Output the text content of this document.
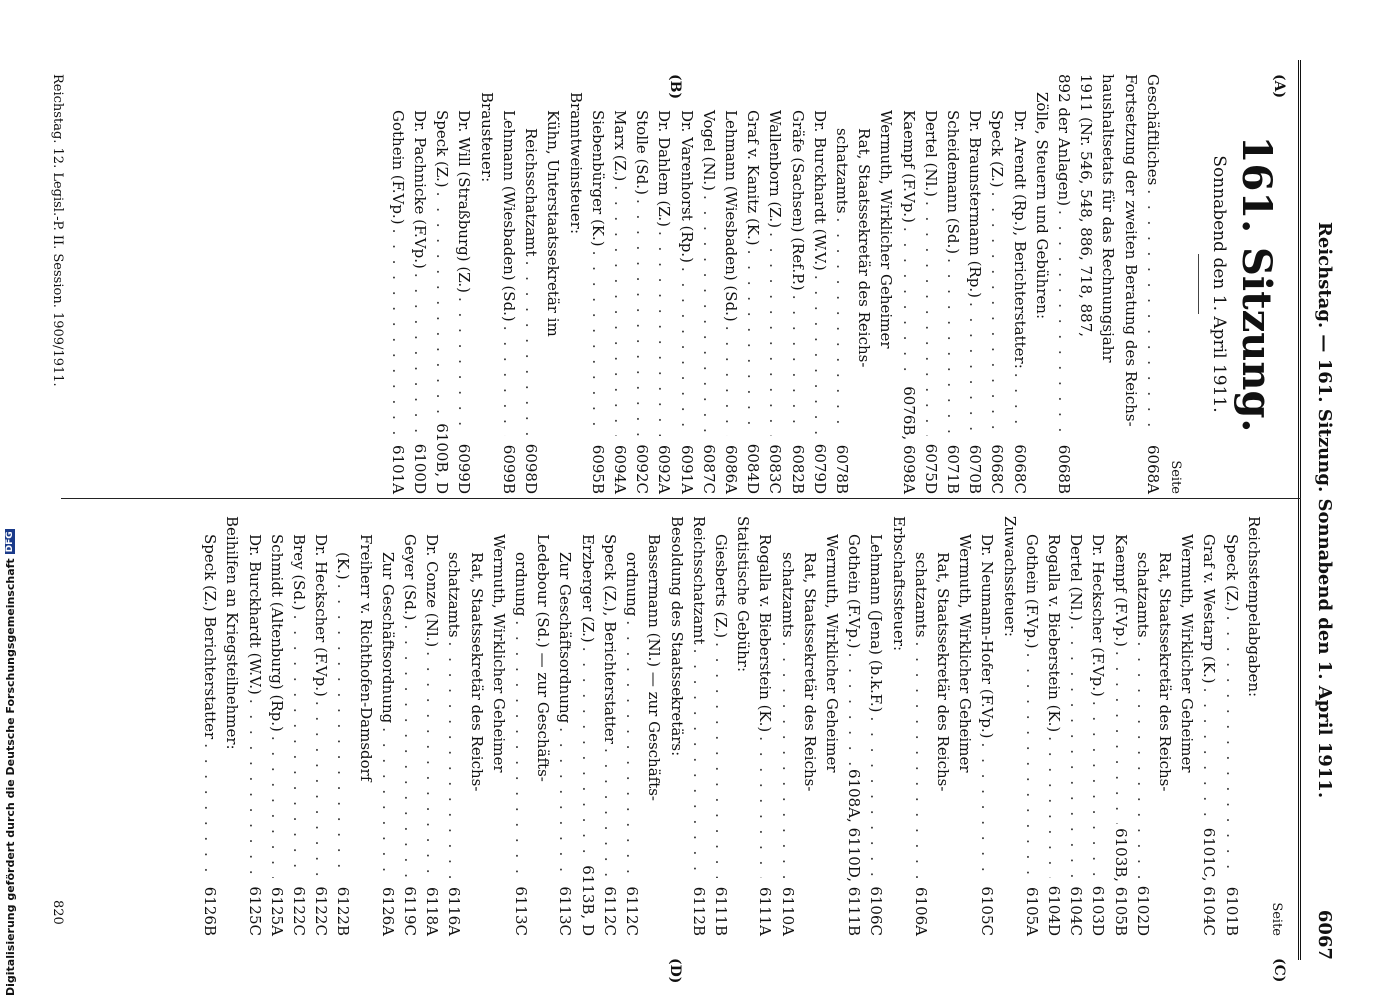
Reichstag. — 161. Sitzung. Sonnabend den 1. April 1911.
6067
(A)
(B)
(C)
(D)
161. Sitzung.
Sonnabend den 1. April 1911.
Seite
Geschäftliches
. . .
6068A
Fortsetzung der zweiten Beratung des Reichs-
haushaltsetats für das Rechnungsjahr
1911 (Nr. 546, 548, 886, 718, 887,
892 der Anlagen)
. . .
6068B
Zölle, Steuern und Gebühren:
Dr. Arendt (Rp.), Berichterstatter:
. . .
6068C
Speck (Z.)
. . .
6068C
Dr. Braunstermann (Rp.)
. . .
6070B
Scheidemann (Sd.)
. . .
6071B
Dertel (Nl.)
. . .
6075D
Kaempf (F.Vp.)
. . .
6076B, 6098A
Wermuth, Wirklicher Geheimer
Rat, Staatssekretär des Reichs-
schatzamts
. . .
6078B
Dr. Burckhardt (W.V.)
. . .
6079D
Gräfe (Sachsen) (Ref.P.)
. . .
6082B
Wallenborn (Z.)
. . .
6083C
Graf v. Kanitz (K.)
. . .
6084D
Lehmann (Wiesbaden) (Sd.)
. . .
6086A
Vogel (Nl.)
. . .
6087C
Dr. Varenhorst (Rp.)
. . .
6091A
Dr. Dahlem (Z.)
. . .
6092A
Stolle (Sd.)
. . .
6092C
Marx (Z.)
. . .
6094A
Siebenbürger (K.)
. . .
6095B
Branntweinsteuer:
Kühn, Unterstaatssekretär im
Reichsschatzamt
. . .
6098D
Lehmann (Wiesbaden) (Sd.)
. . .
6099B
Brausteuer:
Dr. Will (Straßburg) (Z.)
. . .
6099D
Speck (Z.)
. . .
6100B, D
Dr. Pachnicke (F.Vp.)
. . .
6100D
Gothein (F.Vp.)
. . .
6101A
Seite
Reichsstempelabgaben:
Speck (Z.)
. . .
6101B
Graf v. Westarp (K.)
. . .
6101C, 6104C
Wermuth, Wirklicher Geheimer
Rat, Staatssekretär des Reichs-
schatzamts
. . .
6102D
Kaempf (F.Vp.)
. . .
6103B, 6105B
Dr. Heckscher (F.Vp.)
. . .
6103D
Dertel (Nl.)
. . .
6104C
Rogalla v. Bieberstein (K.)
. . .
6104D
Gothein (F.Vp.)
. . .
6105A
Zuwachssteuer:
Dr. Neumann-Hofer (F.Vp.)
. . .
6105C
Wermuth, Wirklicher Geheimer
Rat, Staatssekretär des Reichs-
schatzamts
. . .
6106A
Erbschaftssteuer:
Lehmann (Jena) (b.k.F.)
. . .
6106C
Gothein (F.Vp.)
. . .
6108A, 6110D, 6111B
Wermuth, Wirklicher Geheimer
Rat, Staatssekretär des Reichs-
schatzamts
. . .
6110A
Rogalla v. Bieberstein (K.)
. . .
6111A
Statistische Gebühr:
Giesberts (Z.)
. . .
6111B
Reichsschatzamt
. . .
6112B
Besoldung des Staatssekretärs:
Bassermann (Nl.) — zur Geschäfts-
ordnung
. . .
6112C
Speck (Z.), Berichterstatter
. . .
6112C
Erzberger (Z.)
. . .
6113B, D
Zur Geschäftsordnung
. . .
6113C
Ledebour (Sd.) — zur Geschäfts-
ordnung
. . .
6113C
Wermuth, Wirklicher Geheimer
Rat, Staatssekretär des Reichs-
schatzamts
. . .
6116A
Dr. Conze (Nl.)
. . .
6118A
Geyer (Sd.)
. . .
6119C
Zur Geschäftsordnung
. . .
6126A
Freiherr v. Richthofen-Damsdorf
(K.)
. . .
6122B
Dr. Heckscher (F.Vp.)
. . .
6122C
Brey (Sd.)
. . .
6122C
Schmidt (Altenburg) (Rp.)
. . .
6125A
Dr. Burckhardt (W.V.)
. . .
6125C
Beihilfen an Kriegsteilnehmer:
Speck (Z.) Berichterstatter
. . .
6126B
Reichstag. 12. Legisl.-P. II. Session. 1909/1911.
820
Digitalisierung gefördert durch die Deutsche Forschungsgemeinschaft
DFG
